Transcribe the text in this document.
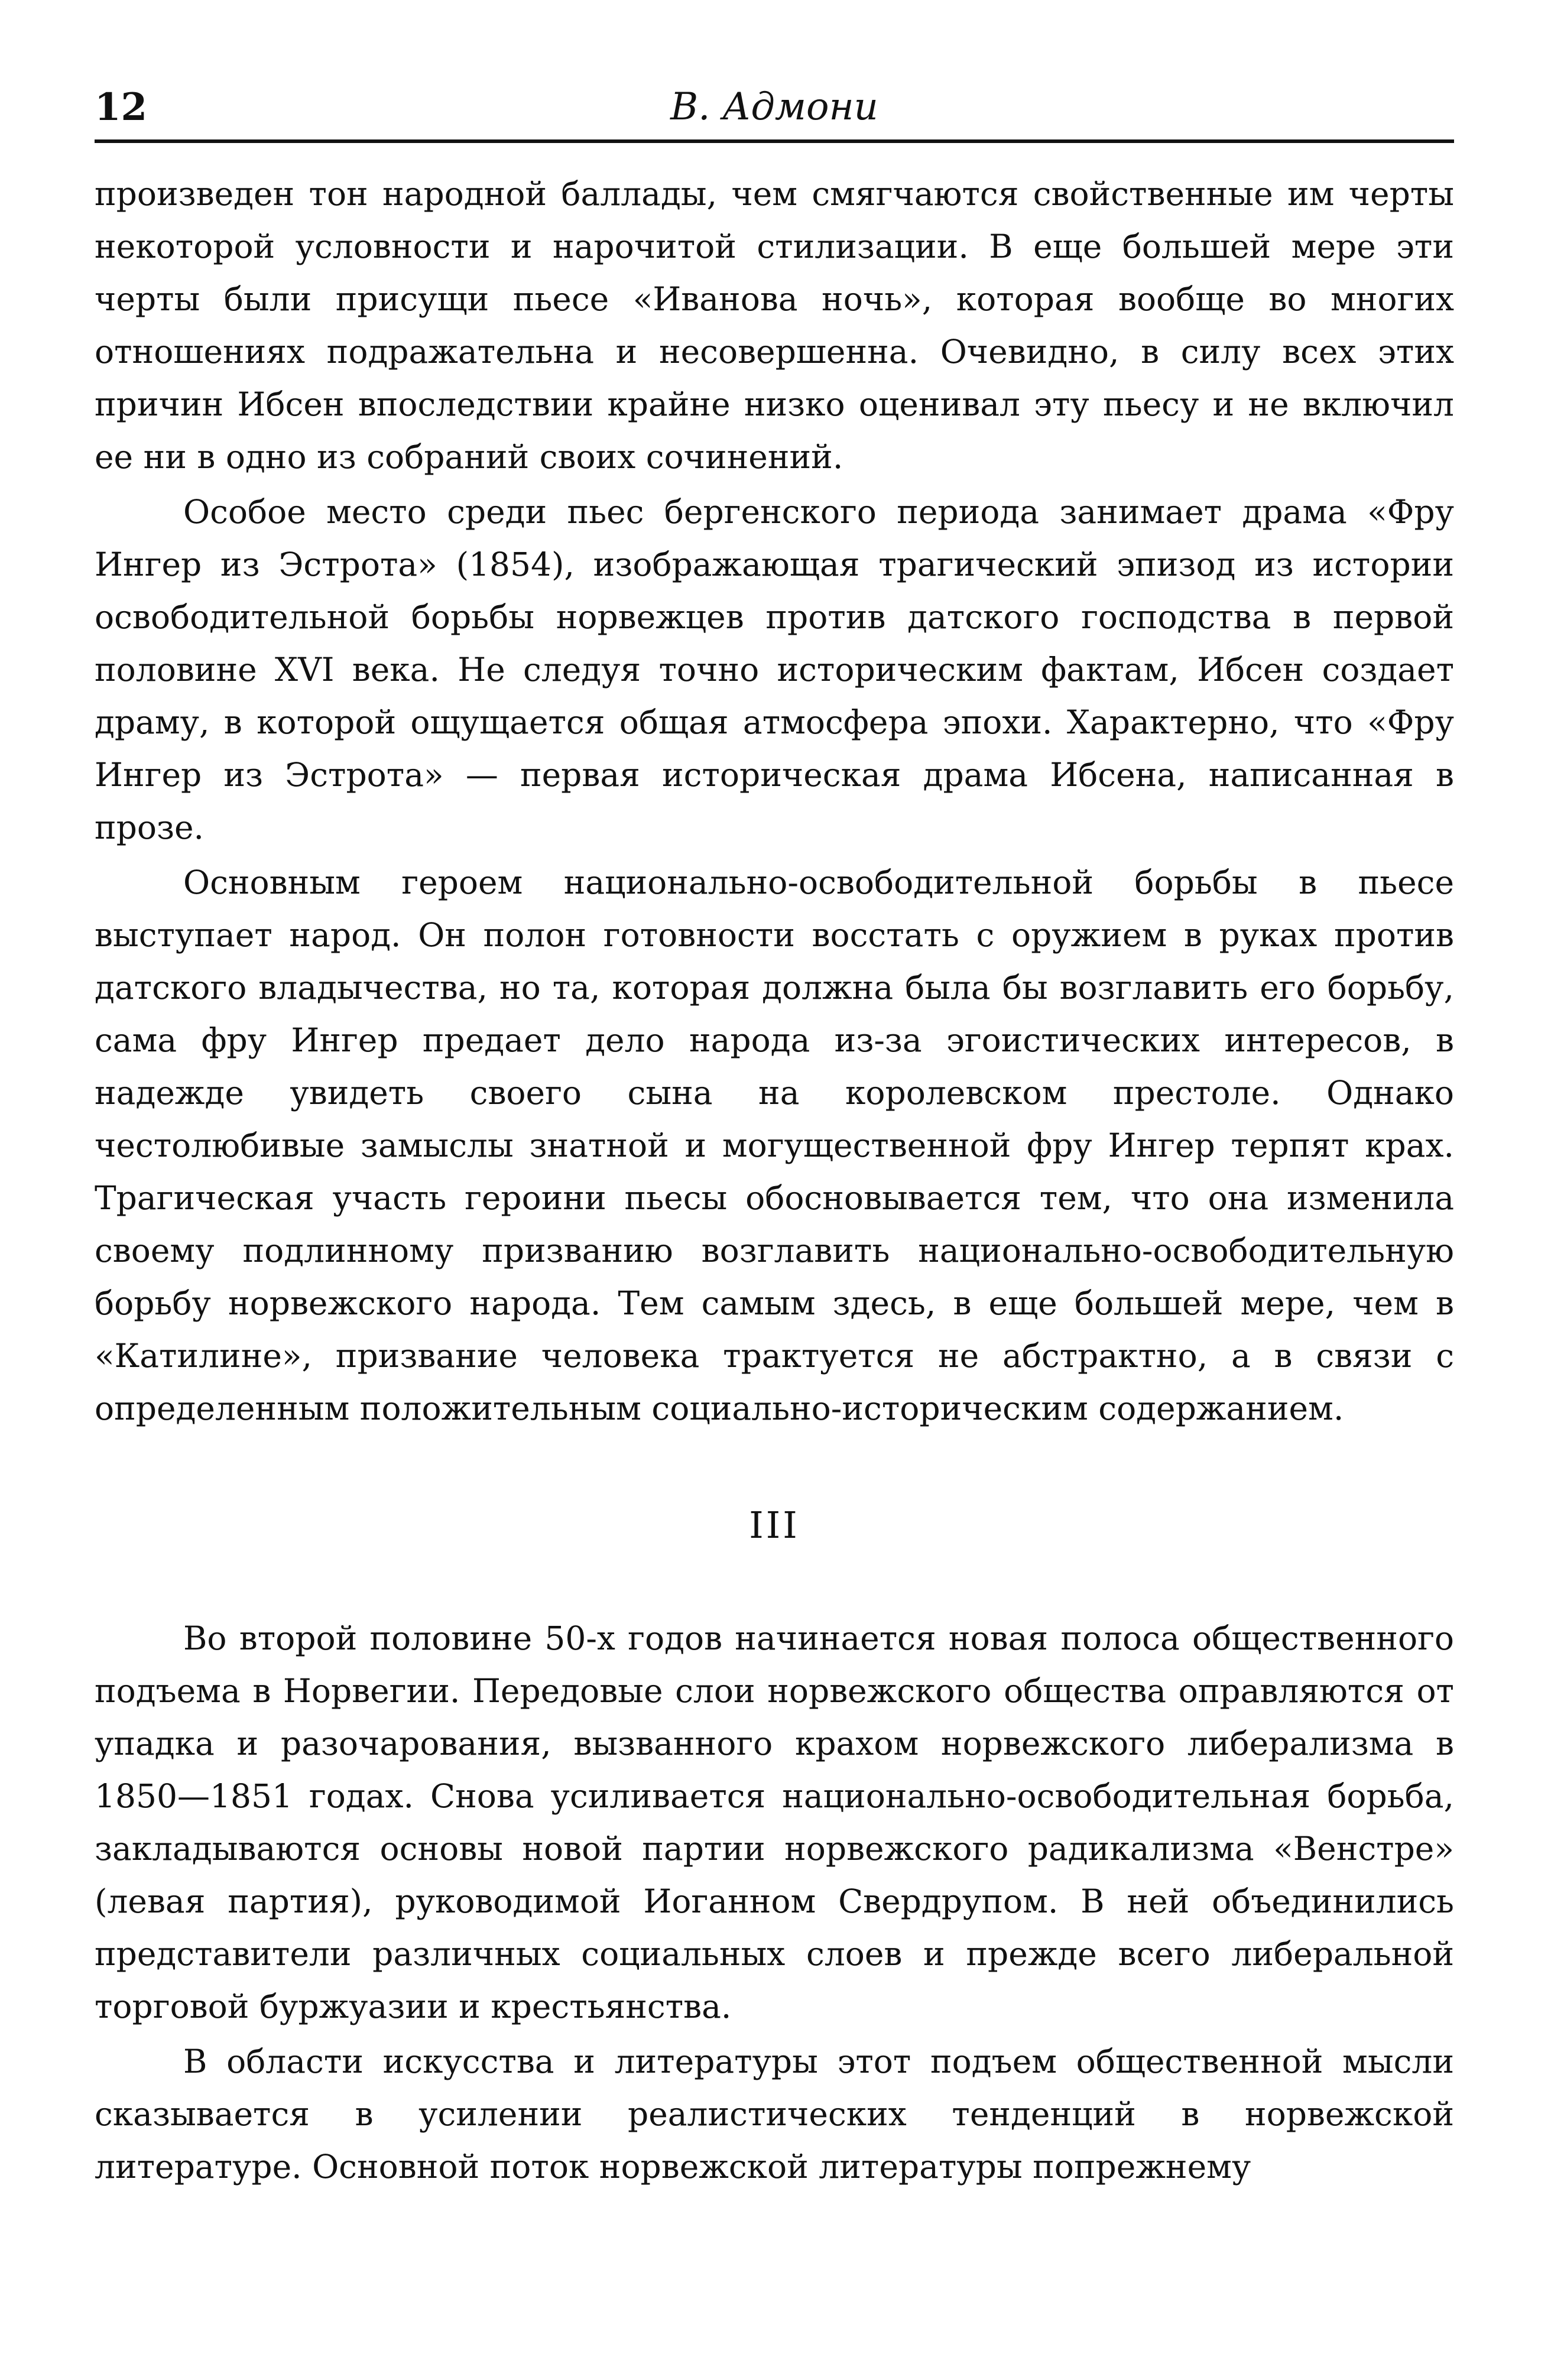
12	В. Адмони

произведен тон народной баллады, чем смягчаются свойственные им черты некоторой условности и нарочитой стилизации. В еще большей мере эти черты были присущи пьесе «Иванова ночь», которая вообще во многих отношениях подражательна и несовершенна. Очевидно, в силу всех этих причин Ибсен впоследствии крайне низко оценивал эту пьесу и не включил ее ни в одно из собраний своих сочинений.

Особое место среди пьес бергенского периода занимает драма «Фру Ингер из Эстрота» (1854), изображающая трагический эпизод из истории освободительной борьбы норвежцев против датского господства в первой половине XVI века. Не следуя точно историческим фактам, Ибсен создает драму, в которой ощущается общая атмосфера эпохи. Характерно, что «Фру Ингер из Эстрота» — первая историческая драма Ибсена, написанная в прозе.

Основным героем национально-освободительной борьбы в пьесе выступает народ. Он полон готовности восстать с оружием в руках против датского владычества, но та, которая должна была бы возглавить его борьбу, сама фру Ингер предает дело народа из-за эгоистических интересов, в надежде увидеть своего сына на королевском престоле. Однако честолюбивые замыслы знатной и могущественной фру Ингер терпят крах. Трагическая участь героини пьесы обосновывается тем, что она изменила своему подлинному призванию возглавить национально-освободительную борьбу норвежского народа. Тем самым здесь, в еще большей мере, чем в «Катилине», призвание человека трактуется не абстрактно, а в связи с определенным положительным социально-историческим содержанием.

III

Во второй половине 50-х годов начинается новая полоса общественного подъема в Норвегии. Передовые слои норвежского общества оправляются от упадка и разочарования, вызванного крахом норвежского либерализма в 1850—1851 годах. Снова усиливается национально-освободительная борьба, закладываются основы новой партии норвежского радикализма «Венстре» (левая партия), руководимой Иоганном Свердрупом. В ней объединились представители различных социальных слоев и прежде всего либеральной торговой буржуазии и крестьянства.

В области искусства и литературы этот подъем общественной мысли сказывается в усилении реалистических тенденций в норвежской литературе. Основной поток норвежской литературы попрежнему
